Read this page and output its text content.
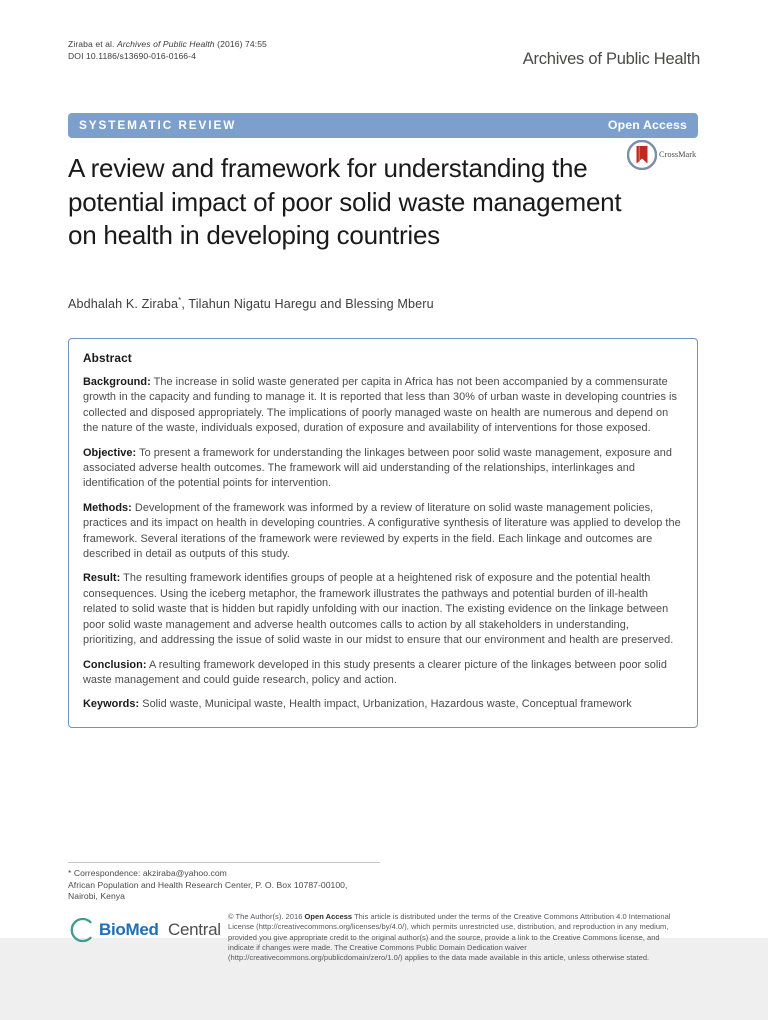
Ziraba et al. Archives of Public Health (2016) 74:55
DOI 10.1186/s13690-016-0166-4	Archives of Public Health
SYSTEMATIC REVIEW	Open Access
CrossMark
A review and framework for understanding the potential impact of poor solid waste management on health in developing countries
Abdhalah K. Ziraba*, Tilahun Nigatu Haregu and Blessing Mberu
Abstract

Background: The increase in solid waste generated per capita in Africa has not been accompanied by a commensurate growth in the capacity and funding to manage it. It is reported that less than 30% of urban waste in developing countries is collected and disposed appropriately. The implications of poorly managed waste on health are numerous and depend on the nature of the waste, individuals exposed, duration of exposure and availability of interventions for those exposed.

Objective: To present a framework for understanding the linkages between poor solid waste management, exposure and associated adverse health outcomes. The framework will aid understanding of the relationships, interlinkages and identification of the potential points for intervention.

Methods: Development of the framework was informed by a review of literature on solid waste management policies, practices and its impact on health in developing countries. A configurative synthesis of literature was applied to develop the framework. Several iterations of the framework were reviewed by experts in the field. Each linkage and outcomes are described in detail as outputs of this study.

Result: The resulting framework identifies groups of people at a heightened risk of exposure and the potential health consequences. Using the iceberg metaphor, the framework illustrates the pathways and potential burden of ill-health related to solid waste that is hidden but rapidly unfolding with our inaction. The existing evidence on the linkage between poor solid waste management and adverse health outcomes calls to action by all stakeholders in understanding, prioritizing, and addressing the issue of solid waste in our midst to ensure that our environment and health are preserved.

Conclusion: A resulting framework developed in this study presents a clearer picture of the linkages between poor solid waste management and could guide research, policy and action.

Keywords: Solid waste, Municipal waste, Health impact, Urbanization, Hazardous waste, Conceptual framework

* Correspondence: akziraba@yahoo.com
African Population and Health Research Center, P. O. Box 10787-00100,
Nairobi, Kenya
BioMed Central
© The Author(s). 2016 Open Access This article is distributed under the terms of the Creative Commons Attribution 4.0 International License (http://creativecommons.org/licenses/by/4.0/), which permits unrestricted use, distribution, and reproduction in any medium, provided you give appropriate credit to the original author(s) and the source, provide a link to the Creative Commons license, and indicate if changes were made. The Creative Commons Public Domain Dedication waiver (http://creativecommons.org/publicdomain/zero/1.0/) applies to the data made available in this article, unless otherwise stated.
